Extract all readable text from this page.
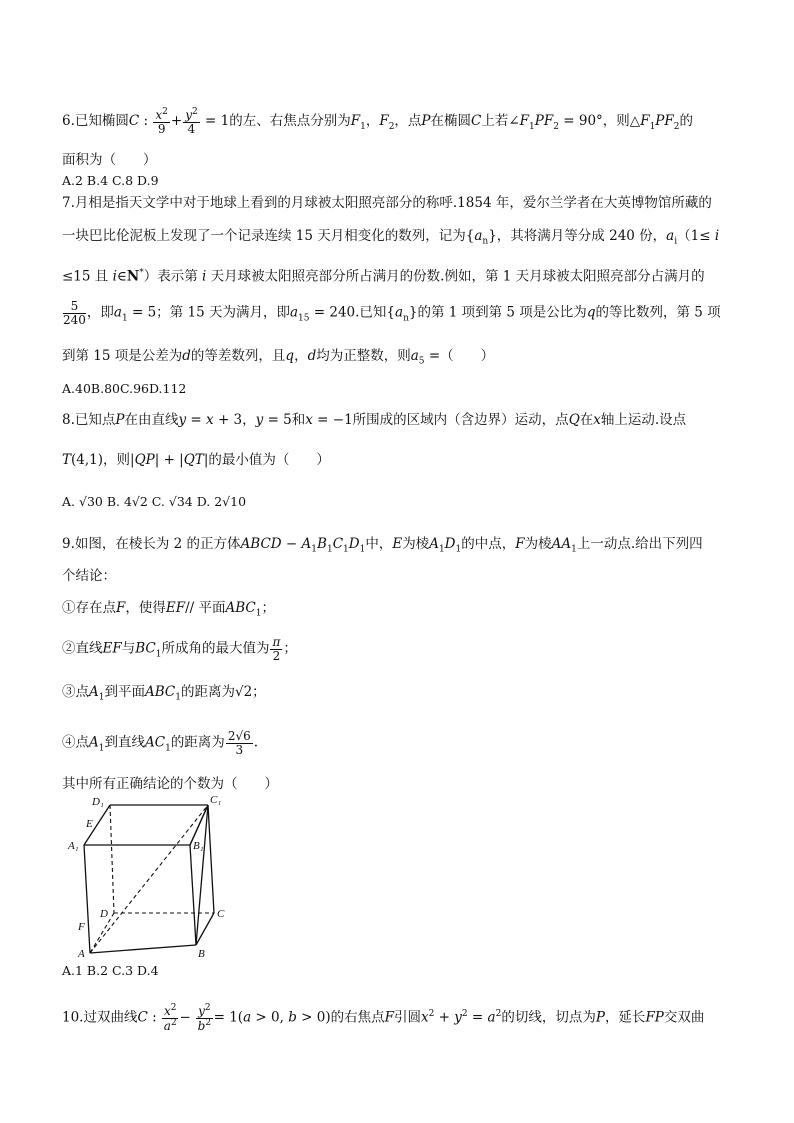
6.已知椭圆C : $\frac{x^2}{9} + \frac{y^2}{4} = 1$的左、右焦点分别为$F_1$，$F_2$，点P在椭圆C上若$\angle F_1PF_2 = 90^\circ$，则$\triangle F_1PF_2$的
面积为（　　）
A.2 B.4 C.8 D.9
7.月相是指天文学中对于地球上看到的月球被太阳照亮部分的称呼.1854 年，爱尔兰学者在大英博物馆所藏的
一块巴比伦泥板上发现了一个记录连续 15 天月相变化的数列，记为$\{a_n\}$，其将满月等分成 240 份，$a_i(1\le i$
≤15 且 i∈N*）表示第 i 天月球被太阳照亮部分所占满月的份数.例如，第 1 天月球被太阳照亮部分占满月的
$\frac{5}{240}$ ，即$a_1 = 5$；第 15 天为满月，即$a_{15} = 240$.已知$\{a_n\}$的第 1 项到第 5 项是公比为q的等比数列，第 5 项
到第 15 项是公差为d的等差数列，且q，d均为正整数，则$a_5$ =（　　）
A.40B.80C.96D.112
8.已知点P在由直线y = x + 3，y = 5和x = −1所围成的区域内（含边界）运动，点Q在x轴上运动.设点
T(4,1)，则|QP| + |QT|的最小值为（　　）
A. √30 B. 4√2 C. √34 D. 2√10
9.如图，在棱长为 2 的正方体ABCD − $A_1B_1C_1D_1$中，E为棱$A_1D_1$的中点，F为棱$AA_1$上一动点.给出下列四
个结论：
①存在点F，使得EF// 平面$ABC_1$；
②直线EF与$BC_1$所成角的最大值为 $\frac{\pi}{2}$ ；
③点$A_1$到平面$ABC_1$的距离为√2；
④点$A_1$到直线$AC_1$的距离为 $\frac{2√6}{3}$ .
其中所有正确结论的个数为（　　）
D₁	C₁
E
A₁	B₁
D	C
F
A	B
A.1 B.2 C.3 D.4
10.过双曲线C : $\frac{x^2}{a^2} - \frac{y^2}{b^2} = 1(a > 0$, b > 0)的右焦点F引圆$x^2 + y^2 = a^2$的切线，切点为P，延长FP交双曲
